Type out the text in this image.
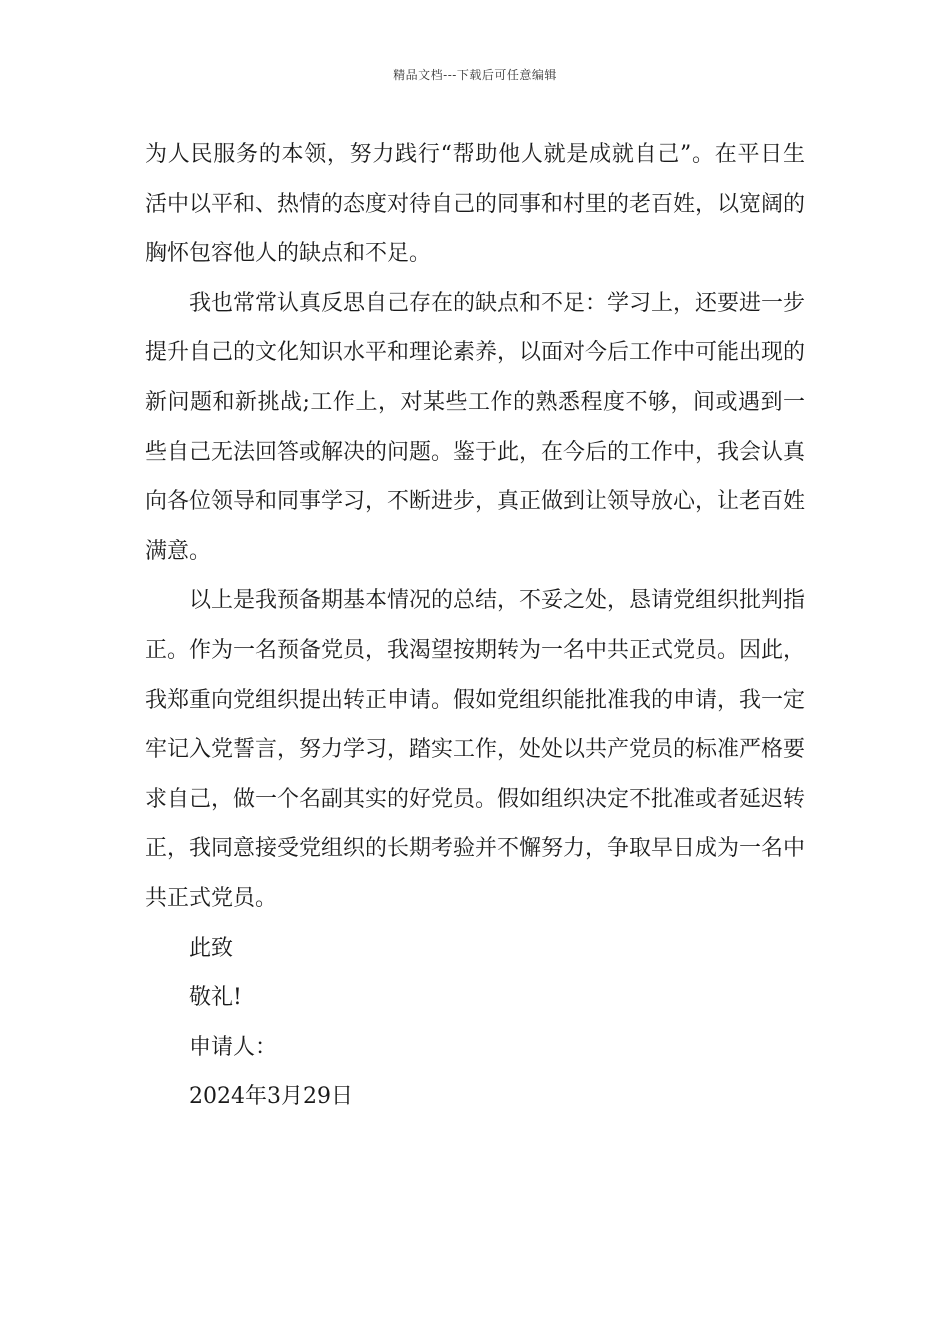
精品文档---下载后可任意编辑

为人民服务的本领，努力践行“帮助他人就是成就自己”。在平日生活中以平和、热情的态度对待自己的同事和村里的老百姓，以宽阔的胸怀包容他人的缺点和不足。

我也常常认真反思自己存在的缺点和不足：学习上，还要进一步提升自己的文化知识水平和理论素养，以面对今后工作中可能出现的新问题和新挑战;工作上，对某些工作的熟悉程度不够，间或遇到一些自己无法回答或解决的问题。鉴于此，在今后的工作中，我会认真向各位领导和同事学习，不断进步，真正做到让领导放心，让老百姓满意。

以上是我预备期基本情况的总结，不妥之处，恳请党组织批判指正。作为一名预备党员，我渴望按期转为一名中共正式党员。因此，我郑重向党组织提出转正申请。假如党组织能批准我的申请，我一定牢记入党誓言，努力学习，踏实工作，处处以共产党员的标准严格要求自己，做一个名副其实的好党员。假如组织决定不批准或者延迟转正，我同意接受党组织的长期考验并不懈努力，争取早日成为一名中共正式党员。

此致

敬礼!

申请人：

2024年3月29日
